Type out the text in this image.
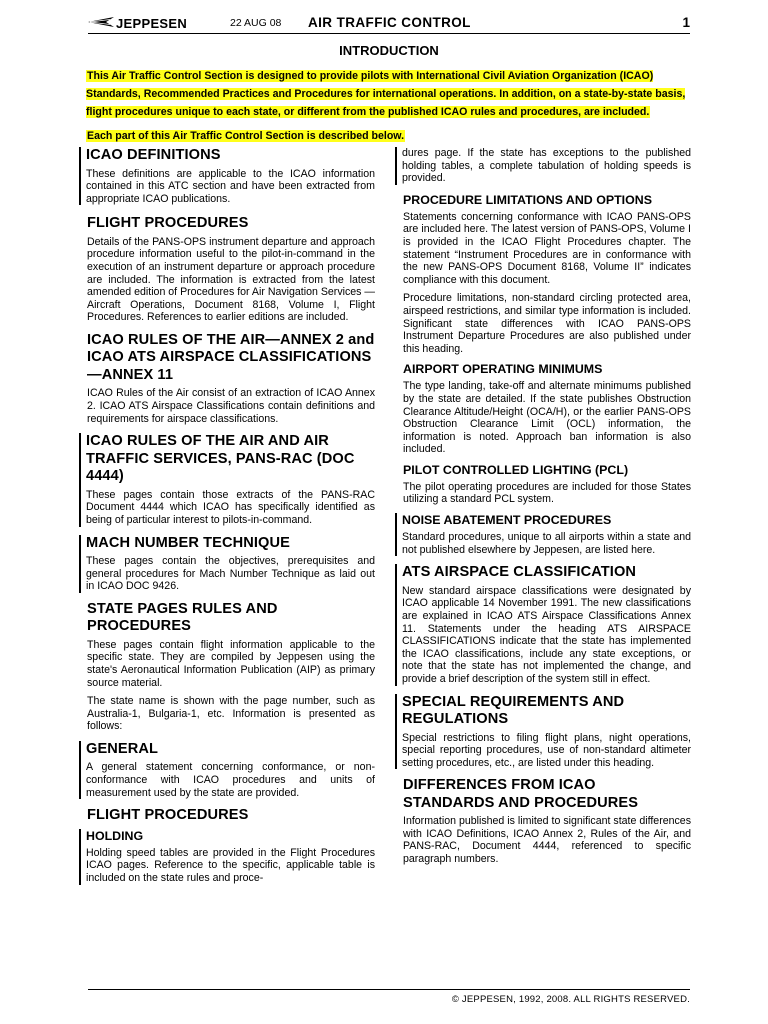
JEPPESEN	22 AUG 08 AIR TRAFFIC CONTROL	1
INTRODUCTION
This Air Traffic Control Section is designed to provide pilots with International Civil Aviation Organization (ICAO) Standards, Recommended Practices and Procedures for international operations. In addition, on a state-by-state basis, flight procedures unique to each state, or different from the published ICAO rules and procedures, are included.
Each part of this Air Traffic Control Section is described below.
ICAO DEFINITIONS

These definitions are applicable to the ICAO information contained in this ATC section and have been extracted from appropriate ICAO publications.

FLIGHT PROCEDURES

Details of the PANS-OPS instrument departure and approach procedure information useful to the pilot-in-command in the execution of an instrument departure or approach procedure are included. The information is extracted from the latest amended edition of Procedures for Air Navigation Services — Aircraft Operations, Document 8168, Volume I, Flight Procedures. References to earlier editions are included.

ICAO RULES OF THE AIR—ANNEX 2 and ICAO ATS AIRSPACE CLASSIFICATIONS—ANNEX 11

ICAO Rules of the Air consist of an extraction of ICAO Annex 2. ICAO ATS Airspace Classifications contain definitions and requirements for airspace classifications.

ICAO RULES OF THE AIR AND AIR TRAFFIC SERVICES, PANS-RAC (DOC 4444)

These pages contain those extracts of the PANS-RAC Document 4444 which ICAO has specifically identified as being of particular interest to pilots-in-command.

MACH NUMBER TECHNIQUE

These pages contain the objectives, prerequisites and general procedures for Mach Number Technique as laid out in ICAO DOC 9426.

STATE PAGES RULES AND PROCEDURES

These pages contain flight information applicable to the specific state. They are compiled by Jeppesen using the state's Aeronautical Information Publication (AIP) as primary source material.

The state name is shown with the page number, such as Australia-1, Bulgaria-1, etc. Information is presented as follows:

GENERAL

A general statement concerning conformance, or non-conformance with ICAO procedures and units of measurement used by the state are provided.

FLIGHT PROCEDURES
HOLDING

Holding speed tables are provided in the Flight Procedures ICAO pages. Reference to the specific, applicable table is included on the state rules and proce-

dures page. If the state has exceptions to the published holding tables, a complete tabulation of holding speeds is provided.

PROCEDURE LIMITATIONS AND OPTIONS

Statements concerning conformance with ICAO PANS-OPS are included here. The latest version of PANS-OPS, Volume I is provided in the ICAO Flight Procedures chapter. The statement “Instrument Procedures are in conformance with the new PANS-OPS Document 8168, Volume II” indicates compliance with this document.

Procedure limitations, non-standard circling protected area, airspeed restrictions, and similar type information is included. Significant state differences with ICAO PANS-OPS Instrument Departure Procedures are also published under this heading.

AIRPORT OPERATING MINIMUMS

The type landing, take-off and alternate minimums published by the state are detailed. If the state publishes Obstruction Clearance Altitude/Height (OCA/H), or the earlier PANS-OPS Obstruction Clearance Limit (OCL) information, the information is noted. Approach ban information is also included.

PILOT CONTROLLED LIGHTING (PCL)

The pilot operating procedures are included for those States utilizing a standard PCL system.

NOISE ABATEMENT PROCEDURES

Standard procedures, unique to all airports within a state and not published elsewhere by Jeppesen, are listed here.

ATS AIRSPACE CLASSIFICATION

New standard airspace classifications were designated by ICAO applicable 14 November 1991. The new classifications are explained in ICAO ATS Airspace Classifications Annex 11. Statements under the heading ATS AIRSPACE CLASSIFICATIONS indicate that the state has implemented the ICAO classifications, include any state exceptions, or note that the state has not implemented the change, and provide a brief description of the system still in effect.

SPECIAL REQUIREMENTS AND REGULATIONS

Special restrictions to filing flight plans, night operations, special reporting procedures, use of non-standard altimeter setting procedures, etc., are listed under this heading.

DIFFERENCES FROM ICAO STANDARDS AND PROCEDURES

Information published is limited to significant state differences with ICAO Definitions, ICAO Annex 2, Rules of the Air, and PANS-RAC, Document 4444, referenced to specific paragraph numbers.

© JEPPESEN, 1992, 2008. ALL RIGHTS RESERVED.
